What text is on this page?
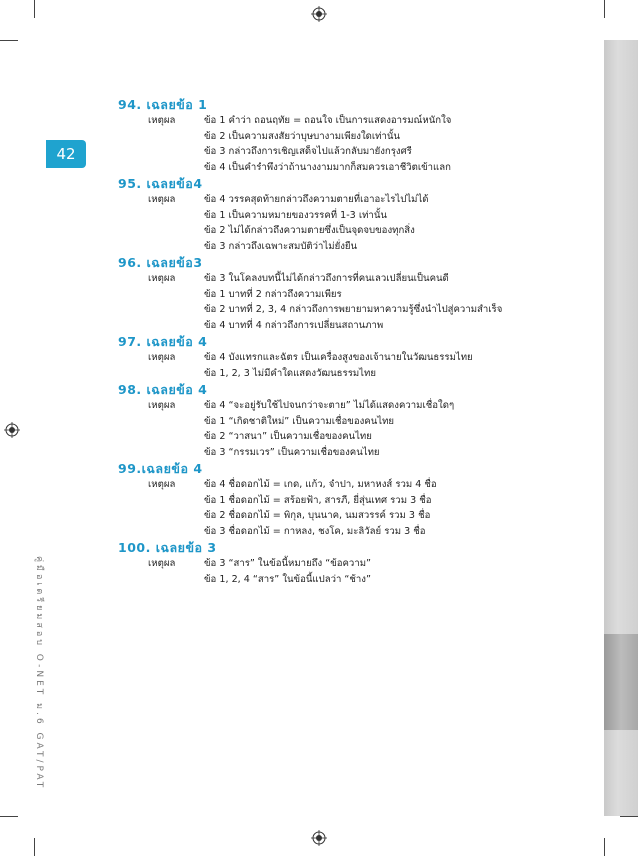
42
คู่มือเตรียมสอบ O-NET ม.6 GAT/PAT
94. เฉลยข้อ 1
เหตุผล	ข้อ 1 คำว่า ถอนฤทัย = ถอนใจ เป็นการแสดงอารมณ์หนักใจ
ข้อ 2 เป็นความสงสัยว่าบุษบางามเพียงใดเท่านั้น
ข้อ 3 กล่าวถึงการเชิญเสด็จไปแล้วกลับมายังกรุงศรี
ข้อ 4 เป็นคำรำพึงว่าถ้านางงามมากก็สมควรเอาชีวิตเข้าแลก
95. เฉลยข้อ4
เหตุผล	ข้อ 4 วรรคสุดท้ายกล่าวถึงความตายที่เอาอะไรไปไม่ได้
ข้อ 1 เป็นความหมายของวรรคที่ 1-3 เท่านั้น
ข้อ 2 ไม่ได้กล่าวถึงความตายซึ่งเป็นจุดจบของทุกสิ่ง
ข้อ 3 กล่าวถึงเฉพาะสมบัติว่าไม่ยั่งยืน
96. เฉลยข้อ3
เหตุผล	ข้อ 3 ในโคลงบทนี้ไม่ได้กล่าวถึงการที่คนเลวเปลี่ยนเป็นคนดี
ข้อ 1 บาทที่ 2 กล่าวถึงความเพียร
ข้อ 2 บาทที่ 2, 3, 4 กล่าวถึงการพยายามหาความรู้ซึ่งนำไปสู่ความสำเร็จ
ข้อ 4 บาทที่ 4 กล่าวถึงการเปลี่ยนสถานภาพ
97. เฉลยข้อ 4
เหตุผล	ข้อ 4 บังแทรกและฉัตร เป็นเครื่องสูงของเจ้านายในวัฒนธรรมไทย
ข้อ 1, 2, 3 ไม่มีคำใดแสดงวัฒนธรรมไทย
98. เฉลยข้อ 4
เหตุผล	ข้อ 4 “จะอยู่รับใช้ไปจนกว่าจะตาย” ไม่ได้แสดงความเชื่อใดๆ
ข้อ 1 “เกิดชาติใหม่” เป็นความเชื่อของคนไทย
ข้อ 2 “วาสนา” เป็นความเชื่อของคนไทย
ข้อ 3 “กรรมเวร” เป็นความเชื่อของคนไทย
99.เฉลยข้อ 4
เหตุผล	ข้อ 4 ชื่อดอกไม้ = เกด, แก้ว, จำปา, มหาหงส์ รวม 4 ชื่อ
ข้อ 1 ชื่อดอกไม้ = สร้อยฟ้า, สารภี, ยี่สุ่นเทศ รวม 3 ชื่อ
ข้อ 2 ชื่อดอกไม้ = พิกุล, บุนนาค, นมสวรรค์ รวม 3 ชื่อ
ข้อ 3 ชื่อดอกไม้ = กาหลง, ชงโค, มะลิวัลย์ รวม 3 ชื่อ
100. เฉลยข้อ 3
เหตุผล	ข้อ 3 “สาร” ในข้อนี้หมายถึง “ข้อความ”
ข้อ 1, 2, 4 “สาร” ในข้อนี้แปลว่า “ช้าง”
